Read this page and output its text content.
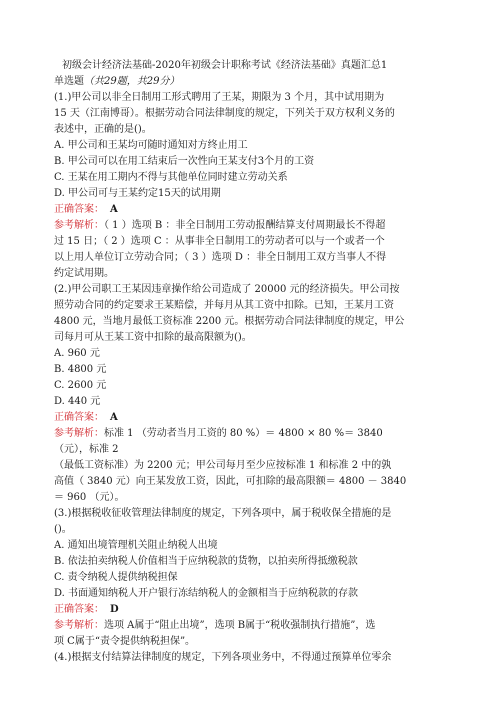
初级会计经济法基础-2020年初级会计职称考试《经济法基础》真题汇总1
单选题（共29题，共29分）
(1.)甲公司以非全日制用工形式聘用了王某，期限为 3 个月，其中试用期为
15 天（江南博哥）。根据劳动合同法律制度的规定，下列关于双方权利义务的
表述中，正确的是()。
A. 甲公司和王某均可随时通知对方终止用工
B. 甲公司可以在用工结束后一次性向王某支付3个月的工资
C. 王某在用工期内不得与其他单位同时建立劳动关系
D. 甲公司可与王某约定15天的试用期
正确答案： A
参考解析：（ 1 ）选项 B ：非全日制用工劳动报酬结算支付周期最长不得超
过 15 日；（ 2 ）选项 C ：从事非全日制用工的劳动者可以与一个或者一个
以上用人单位订立劳动合同；（ 3 ）选项 D ：非全日制用工双方当事人不得
约定试用期。
(2.)甲公司职工王某因违章操作给公司造成了 20000 元的经济损失。甲公司按
照劳动合同的约定要求王某赔偿，并每月从其工资中扣除。已知，王某月工资
4800 元，当地月最低工资标准 2200 元。根据劳动合同法律制度的规定，甲公
司每月可从王某工资中扣除的最高限额为()。
A. 960 元
B. 4800 元
C. 2600 元
D. 440 元
正确答案： A
参考解析：标准 1 （劳动者当月工资的 80 %）＝ 4800 × 80 %＝ 3840
（元），标准 2
（最低工资标准）为 2200 元；甲公司每月至少应按标准 1 和标准 2 中的孰
高值（ 3840 元）向王某发放工资，因此，可扣除的最高限额＝ 4800 － 3840
＝ 960 （元）。
(3.)根据税收征收管理法律制度的规定，下列各项中，属于税收保全措施的是
()。
A. 通知出境管理机关阻止纳税人出境
B. 依法拍卖纳税人价值相当于应纳税款的货物，以拍卖所得抵缴税款
C. 责令纳税人提供纳税担保
D. 书面通知纳税人开户银行冻结纳税人的金额相当于应纳税款的存款
正确答案： D
参考解析：选项 A属于“阻止出境”，选项 B属于“税收强制执行措施”，选
项 C属于“责令提供纳税担保”。
(4.)根据支付结算法律制度的规定，下列各项业务中，不得通过预算单位零余
